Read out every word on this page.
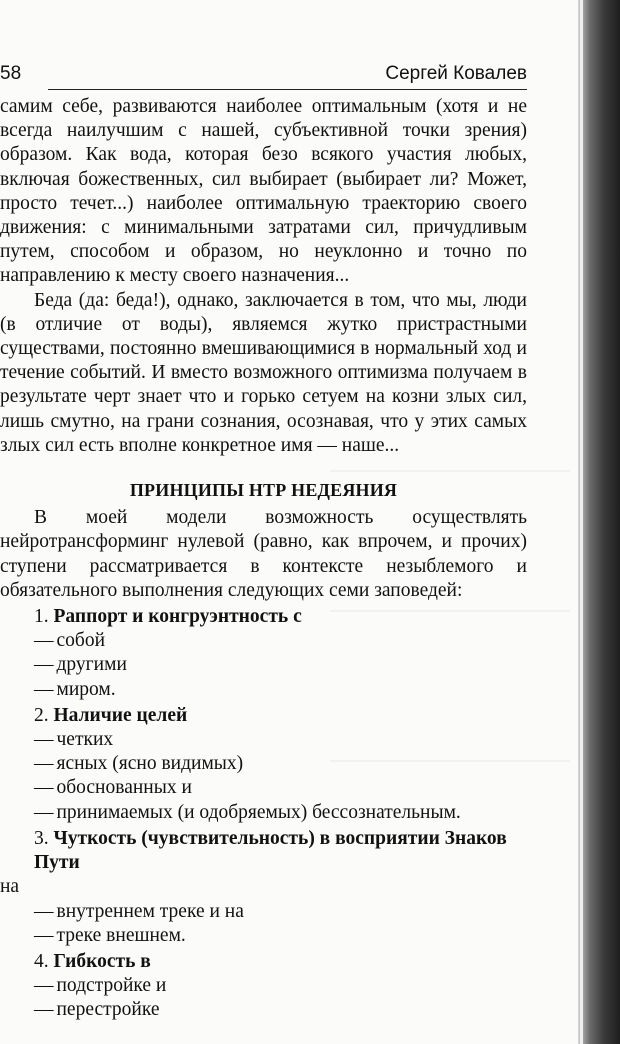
58	Сергей Ковалев

самим себе, развиваются наиболее оптимальным (хотя и не всегда наилучшим с нашей, субъективной точки зрения) образом. Как вода, которая безо всякого участия любых, включая божественных, сил выбирает (выбирает ли? Может, просто течет...) наиболее оптимальную траекторию своего движения: с минимальными затратами сил, причудливым путем, способом и образом, но неуклонно и точно по направлению к месту своего назначения...

Беда (да: беда!), однако, заключается в том, что мы, люди (в отличие от воды), являемся жутко пристрастными существами, постоянно вмешивающимися в нормальный ход и течение событий. И вместо возможного оптимизма получаем в результате черт знает что и горько сетуем на козни злых сил, лишь смутно, на грани сознания, осознавая, что у этих самых злых сил есть вполне конкретное имя — наше...

ПРИНЦИПЫ НТР НЕДЕЯНИЯ

В моей модели возможность осуществлять нейротрансформинг нулевой (равно, как впрочем, и прочих) ступени рассматривается в контексте незыблемого и обязательного выполнения следующих семи заповедей:

1. Раппорт и конгруэнтность с
— собой
— другими
— миром.
2. Наличие целей
— четких
— ясных (ясно видимых)
— обоснованных и
— принимаемых (и одобряемых) бессознательным.
3. Чуткость (чувствительность) в восприятии Знаков Пути
на
— внутреннем треке и на
— треке внешнем.
4. Гибкость в
— подстройке и
— перестройке
